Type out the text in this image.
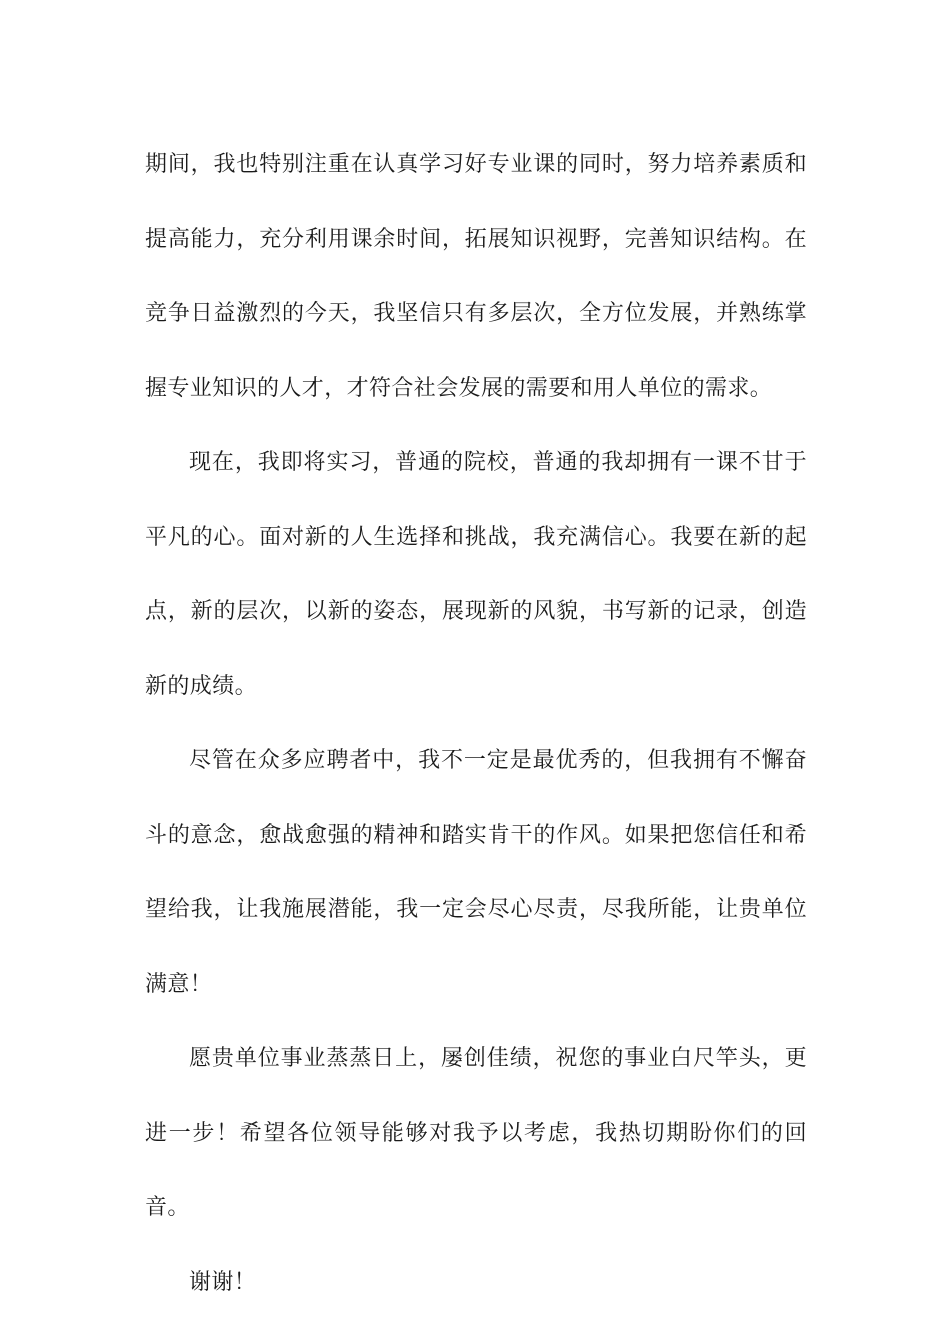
期间，我也特别注重在认真学习好专业课的同时，努力培养素质和提高能力，充分利用课余时间，拓展知识视野，完善知识结构。在竞争日益激烈的今天，我坚信只有多层次，全方位发展，并熟练掌握专业知识的人才，才符合社会发展的需要和用人单位的需求。

现在，我即将实习，普通的院校，普通的我却拥有一课不甘于平凡的心。面对新的人生选择和挑战，我充满信心。我要在新的起点，新的层次，以新的姿态，展现新的风貌，书写新的记录，创造新的成绩。

尽管在众多应聘者中，我不一定是最优秀的，但我拥有不懈奋斗的意念，愈战愈强的精神和踏实肯干的作风。如果把您信任和希望给我，让我施展潜能，我一定会尽心尽责，尽我所能，让贵单位满意！

愿贵单位事业蒸蒸日上，屡创佳绩，祝您的事业白尺竿头，更进一步！希望各位领导能够对我予以考虑，我热切期盼你们的回音。

谢谢！
